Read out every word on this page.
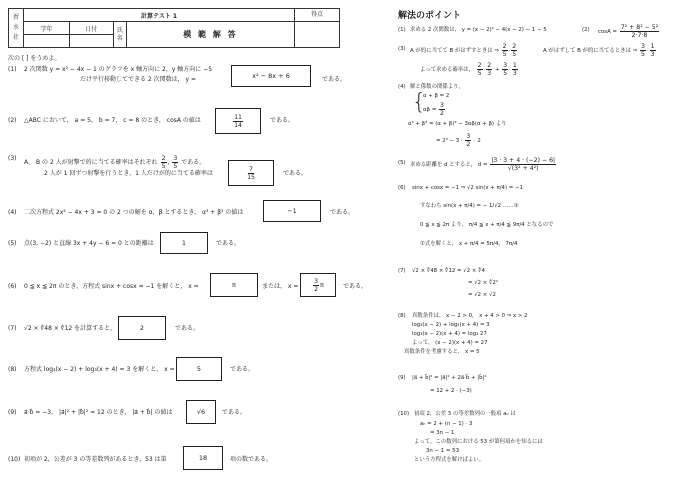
習
水
社	計算テスト 1				得点
	学年	日付	氏
名	模 範 解 答	

次の [ ] をうめよ。
(1) 2 次関数 y = x² − 4x − 1 のグラフを x 軸方向に 2，y 軸方向に −5
だけ平行移動してできる 2 次関数は， y =	x² − 8x + 6	である。
(2) △ABC において， a = 5， b = 7， c = 8 のとき， cosA の値は	$\frac{11}{14}$	である。
(3)
A， B の 2 人が射撃で的に当てる確率はそれぞれ $\frac{2}{5}$ , $\frac{3}{5}$ である。
2 人が 1 回ずつ射撃を行うとき，1 人だけが的に当てる確率は	$\frac{7}{15}$	である。
(4) 二次方程式 2x² − 4x + 3 = 0 の 2 つの解を α，β とするとき， α³ + β³ の値は	−1	である。
(5) 点(3, −2) と直線 3x + 4y − 6 = 0 との距離は	1	である。
(6) 0 ≦ x ≦ 2π のとき，方程式 sinx + cosx = −1 を解くと， x =	π	または， $x = \frac{3}{2}$ π	である。
(7) √2 × ∜48 × ∜12 を計算すると，	2	である。
(8) 方程式 log₃(x − 2) + log₃(x + 4) = 3 を解くと， x =	5	である。
(9) a⃗·b⃗ = −3， |a⃗|² + |b⃗|² = 12 のとき， |a⃗ + b⃗| の値は	√6	である。
(10) 初項が 2，公差が 3 の等差数列があるとき，53 は第	18	項の数である。
解法のポイント
(1) 求める 2 次関数は， y = (x − 2)² − 4(x − 2) − 1 − 5	(2) $\cos A = \frac{\text{7² + 8² − 5²}}{2\cdot 7\cdot 8}$
(3) A が的に当てて B がはずすときは ⇒ $\frac{2}{5} \cdot \frac{2}{5}$	A がはずして B が的に当てるときは ⇒ $\frac{3}{5} \cdot \frac{1}{3}$
よって求める確率は， $\frac{2}{5} \cdot \frac{2}{3} + \frac{3}{5} \cdot \frac{1}{3}$
(4) 解と係数の関係より，
{
α + β = 2
$\alpha\beta = \frac{3}{2}$
α³ + β³ = (α + β)³ − 3αβ(α + β) より
= $2^3 - 3 \cdot \frac{3}{2} \cdot 2$
(5) 求める距離を d とすると， $d = \frac{|3 \cdot 3 + 4 \cdot (-2) - 6|}{\text{√(3² + 4²)}}$
(6) sinx + cosx = −1 ⇒ √2 sin(x + π/4) = −1
すなわち sin(x + π/4) = − 1/√2 ……①
0 ≦ x ≦ 2π より， π/4 ≦ x + π/4 ≦ 9π/4 となるので
①式を解くと， x + π/4 = 5π/4， 7π/4
(7) √2 × ∜48 × ∜12 = √2 × ∜4
= √2 × ∜2²
= √2 × √2
(8) 真数条件は， x − 2 > 0， x + 4 > 0 ⇒ x > 2
log₃(x − 2) + log₃(x + 4) = 3
log₃(x − 2)(x + 4) = log₃ 27
よって， (x − 2)(x + 4) = 27
真数条件を考慮すると， x = 5
(9) |a⃗ + b⃗|² = |a⃗|² + 2a⃗·b⃗ + |b⃗|²
= 12 + 2 · (−3)
(10) 初項 2，公差 3 の等差数列の一般項 aₙ は
aₙ = 2 + (n − 1) · 3
= 3n − 1
よって，この数列における 53 が第何項かを知るには
3n − 1 = 53
という方程式を解けばよい。
